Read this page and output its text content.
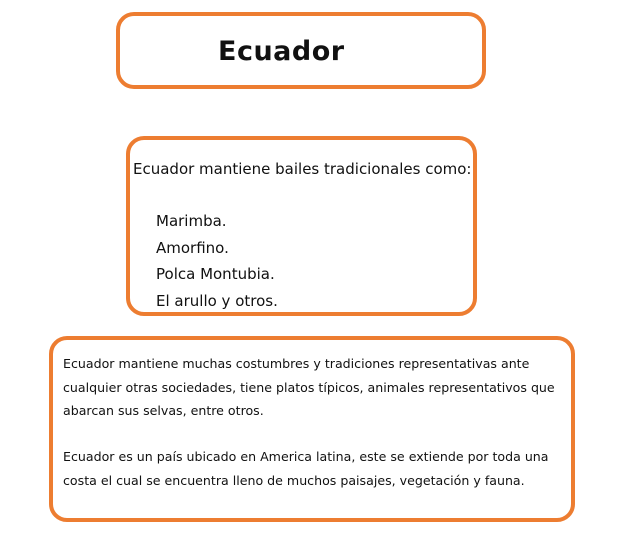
Ecuador
Ecuador mantiene bailes tradicionales como:
Marimba.
Amorfino.
Polca Montubia.
El arullo y otros.

Ecuador mantiene muchas costumbres y tradiciones representativas ante
cualquier otras sociedades, tiene platos típicos, animales representativos que
abarcan sus selvas, entre otros.

Ecuador es un país ubicado en America latina, este se extiende por toda una
costa el cual se encuentra lleno de muchos paisajes, vegetación y fauna.
